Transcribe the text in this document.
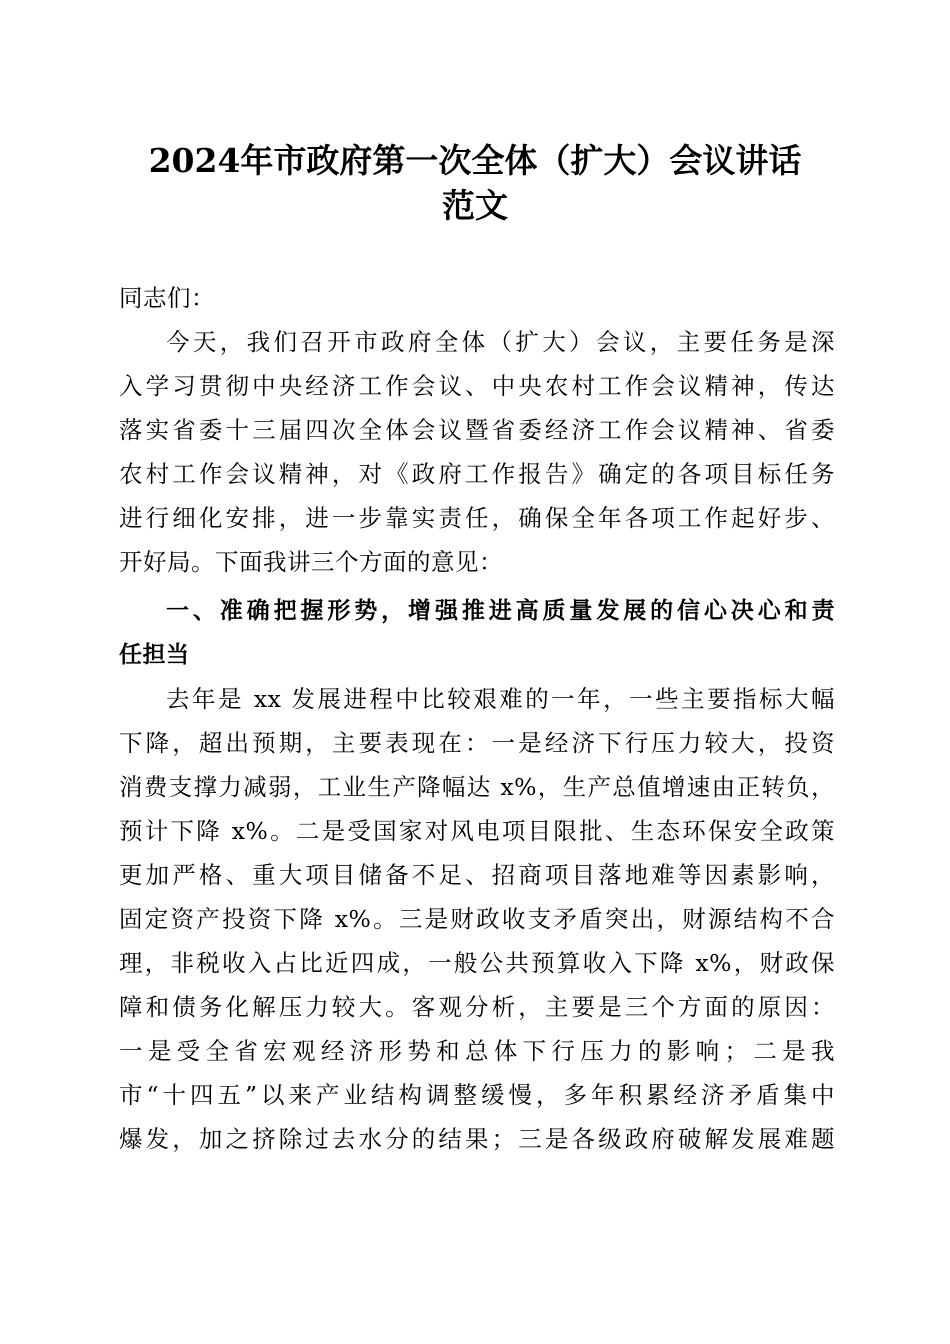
2024年市政府第一次全体（扩大）会议讲话
范文
同志们：
今天，我们召开市政府全体（扩大）会议，主要任务是深
入学习贯彻中央经济工作会议、中央农村工作会议精神，传达
落实省委十三届四次全体会议暨省委经济工作会议精神、省委
农村工作会议精神，对《政府工作报告》确定的各项目标任务
进行细化安排，进一步靠实责任，确保全年各项工作起好步、
开好局。下面我讲三个方面的意见：
一、准确把握形势，增强推进高质量发展的信心决心和责
任担当
去年是 xx 发展进程中比较艰难的一年，一些主要指标大幅
下降，超出预期，主要表现在：一是经济下行压力较大，投资
消费支撑力减弱，工业生产降幅达 x%，生产总值增速由正转负，
预计下降 x%。二是受国家对风电项目限批、生态环保安全政策
更加严格、重大项目储备不足、招商项目落地难等因素影响，
固定资产投资下降 x%。三是财政收支矛盾突出，财源结构不合
理，非税收入占比近四成，一般公共预算收入下降 x%，财政保
障和债务化解压力较大。客观分析，主要是三个方面的原因：
一是受全省宏观经济形势和总体下行压力的影响；二是我
市“十四五”以来产业结构调整缓慢，多年积累经济矛盾集中
爆发，加之挤除过去水分的结果；三是各级政府破解发展难题
